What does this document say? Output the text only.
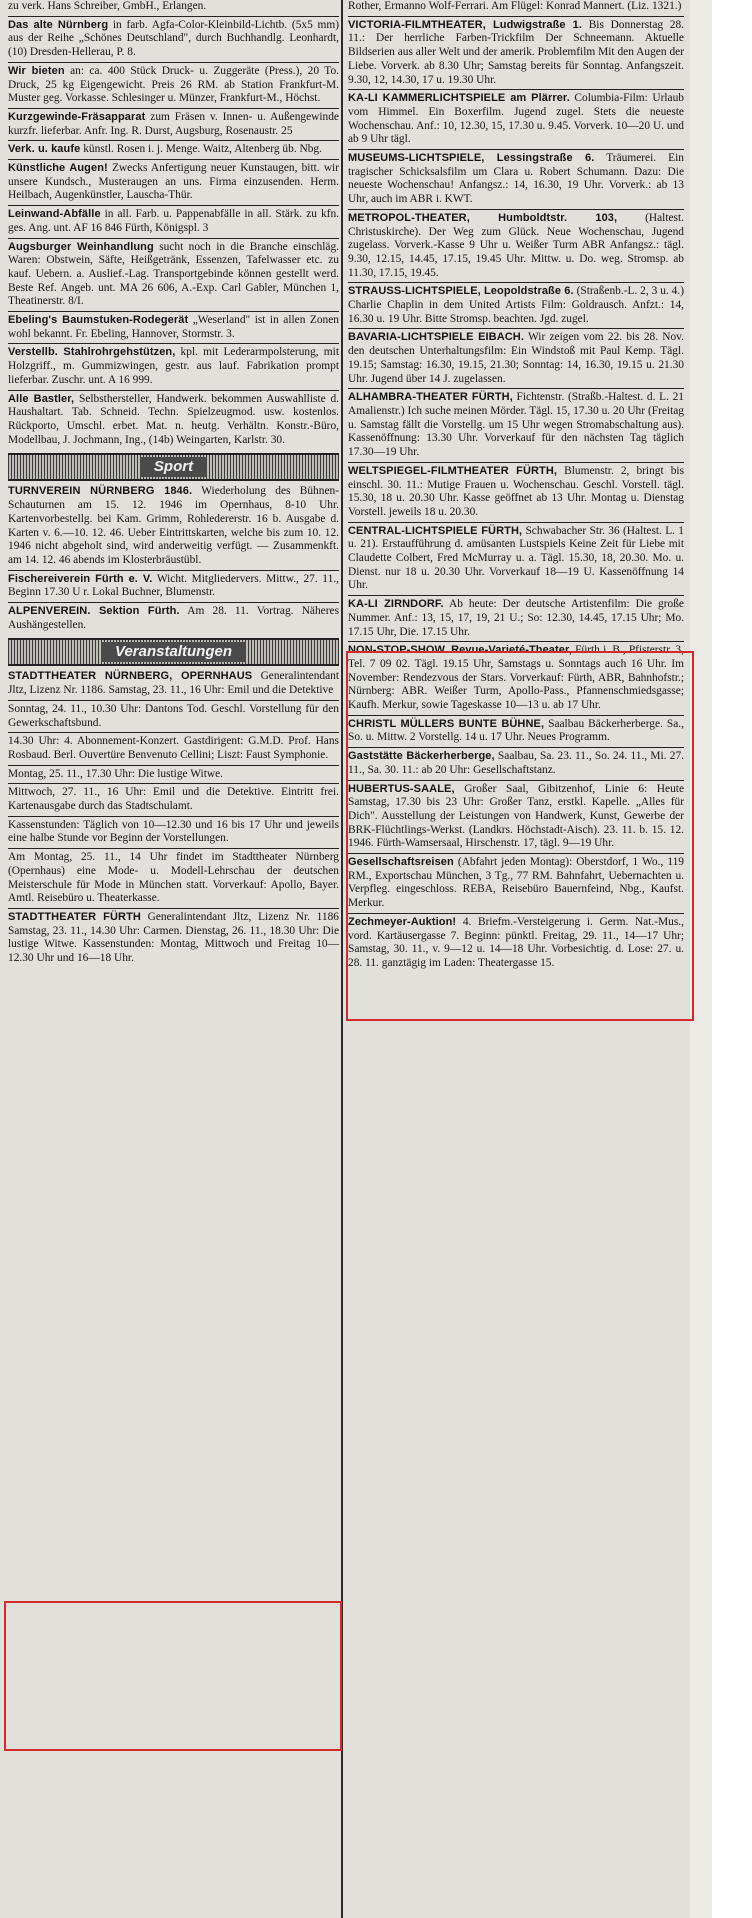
zu verk. Hans Schreiber, GmbH., Erlangen.
Das alte Nürnberg in farb. Agfa-Color-Kleinbild-Lichtb. (5x5 mm) aus der Reihe „Schönes Deutschland", durch Buchhandlg. Leonhardt, (10) Dresden-Hellerau, P. 8.
Wir bieten an: ca. 400 Stück Druck- u. Zuggeräte (Press.), 20 To. Druck, 25 kg Eigengewicht. Preis 26 RM. ab Station Frankfurt-M. Muster geg. Vorkasse. Schlesinger u. Münzer, Frankfurt-M., Höchst.
Kurzgewinde-Fräsapparat zum Fräsen v. Innen- u. Außengewinde kurzfr. lieferbar. Anfr. Ing. R. Durst, Augsburg, Rosenaustr. 25
Verk. u. kaufe künstl. Rosen i. j. Menge. Waitz, Altenberg üb. Nbg.
Künstliche Augen! Zwecks Anfertigung neuer Kunstaugen, bitt. wir unsere Kundsch., Musteraugen an uns. Firma einzusenden. Herm. Heilbach, Augenkünstler, Lauscha-Thür.
Leinwand-Abfälle in all. Farb. u. Pappenabfälle in all. Stärk. zu kfn. ges. Ang. unt. AF 16 846 Fürth, Königspl. 3
Augsburger Weinhandlung sucht noch in die Branche einschläg. Waren: Obstwein, Säfte, Heißgetränk, Essenzen, Tafelwasser etc. zu kauf. Uebern. a. Auslief.-Lag. Transportgebinde können gestellt werd. Beste Ref. Angeb. unt. MA 26 606, A.-Exp. Carl Gabler, München 1, Theatinerstr. 8/I.
Ebeling's Baumstuken-Rodegerät „Weserland" ist in allen Zonen wohl bekannt. Fr. Ebeling, Hannover, Stormstr. 3.
Verstellb. Stahlrohrgehstützen, kpl. mit Lederarmpolsterung, mit Holzgriff., m. Gummizwingen, gestr. aus lauf. Fabrikation prompt lieferbar. Zuschr. unt. A 16 999.
Alle Bastler, Selbsthersteller, Handwerk. bekommen Auswahlliste d. Haushaltart. Tab. Schneid. Techn. Spielzeugmod. usw. kostenlos. Rückporto, Umschl. erbet. Mat. n. heutg. Verhältn. Konstr.-Büro, Modellbau, J. Jochmann, Ing., (14b) Weingarten, Karlstr. 30.
Sport
TURNVEREIN NÜRNBERG 1846. Wiederholung des Bühnen-Schauturnen am 15. 12. 1946 im Opernhaus, 8-10 Uhr. Kartenvorbestellg. bei Kam. Grimm, Rohledererstr. 16 b. Ausgabe d. Karten v. 6.—10. 12. 46. Ueber Eintrittskarten, welche bis zum 10. 12. 1946 nicht abgeholt sind, wird anderweitig verfügt. — Zusammenkft. am 14. 12. 46 abends im Klosterbräustübl.
Fischereiverein Fürth e. V. Wicht. Mitgliedervers. Mittw., 27. 11., Beginn 17.30 U r. Lokal Buchner, Blumenstr.
ALPENVEREIN. Sektion Fürth. Am 28. 11. Vortrag. Näheres Aushängestellen.
Veranstaltungen
STADTTHEATER NÜRNBERG, OPERNHAUS Generalintendant Jltz, Lizenz Nr. 1186. Samstag, 23. 11., 16 Uhr: Emil und die Detektive
Sonntag, 24. 11., 10.30 Uhr: Dantons Tod. Geschl. Vorstellung für den Gewerkschaftsbund.
14.30 Uhr: 4. Abonnement-Konzert. Gastdirigent: G.M.D. Prof. Hans Rosbaud. Berl. Ouvertüre Benvenuto Cellini; Liszt: Faust Symphonie.
Montag, 25. 11., 17.30 Uhr: Die lustige Witwe.
Mittwoch, 27. 11., 16 Uhr: Emil und die Detektive. Eintritt frei. Kartenausgabe durch das Stadtschulamt.
Kassenstunden: Täglich von 10—12.30 und 16 bis 17 Uhr und jeweils eine halbe Stunde vor Beginn der Vorstellungen.
Am Montag, 25. 11., 14 Uhr findet im Stadttheater Nürnberg (Opernhaus) eine Mode- u. Modell-Lehrschau der deutschen Meisterschule für Mode in München statt. Vorverkauf: Apollo, Bayer. Amtl. Reisebüro u. Theaterkasse.
STADTTHEATER FÜRTH Generalintendant Jltz, Lizenz Nr. 1186 Samstag, 23. 11., 14.30 Uhr: Carmen. Dienstag, 26. 11., 18.30 Uhr: Die lustige Witwe. Kassenstunden: Montag, Mittwoch und Freitag 10—12.30 Uhr und 16—18 Uhr.
Rother, Ermanno Wolf-Ferrari. Am Flügel: Konrad Mannert. (Liz. 1321.)
VICTORIA-FILMTHEATER, Ludwigstraße 1. Bis Donnerstag 28. 11.: Der herrliche Farben-Trickfilm Der Schneemann. Aktuelle Bildserien aus aller Welt und der amerik. Problemfilm Mit den Augen der Liebe. Vorverk. ab 8.30 Uhr; Samstag bereits für Sonntag. Anfangszeit. 9.30, 12, 14.30, 17 u. 19.30 Uhr.
KA-LI KAMMERLICHTSPIELE am Plärrer. Columbia-Film: Urlaub vom Himmel. Ein Boxerfilm. Jugend zugel. Stets die neueste Wochenschau. Anf.: 10, 12.30, 15, 17.30 u. 9.45. Vorverk. 10—20 U. und ab 9 Uhr tägl.
MUSEUMS-LICHTSPIELE, Lessingstraße 6. Träumerei. Ein tragischer Schicksalsfilm um Clara u. Robert Schumann. Dazu: Die neueste Wochenschau! Anfangsz.: 14, 16.30, 19 Uhr. Vorverk.: ab 13 Uhr, auch im ABR i. KWT.
METROPOL-THEATER, Humboldtstr. 103, (Haltest. Christuskirche). Der Weg zum Glück. Neue Wochenschau, Jugend zugelass. Vorverk.-Kasse 9 Uhr u. Weißer Turm ABR Anfangsz.: tägl. 9.30, 12.15, 14.45, 17.15, 19.45 Uhr. Mittw. u. Do. weg. Stromsp. ab 11.30, 17.15, 19.45.
STRAUSS-LICHTSPIELE, Leopoldstraße 6. (Straßenb.-L. 2, 3 u. 4.) Charlie Chaplin in dem United Artists Film: Goldrausch. Anfzt.: 14, 16.30 u. 19 Uhr. Bitte Stromsp. beachten. Jgd. zugel.
BAVARIA-LICHTSPIELE EIBACH. Wir zeigen vom 22. bis 28. Nov. den deutschen Unterhaltungsfilm: Ein Windstoß mit Paul Kemp. Tägl. 19.15; Samstag: 16.30, 19.15, 21.30; Sonntag: 14, 16.30, 19.15 u. 21.30 Uhr. Jugend über 14 J. zugelassen.
ALHAMBRA-THEATER FÜRTH, Fichtenstr. (Straßb.-Haltest. d. L. 21 Amalienstr.) Ich suche meinen Mörder. Tägl. 15, 17.30 u. 20 Uhr (Freitag u. Samstag fällt die Vorstellg. um 15 Uhr wegen Stromabschaltung aus). Kassenöffnung: 13.30 Uhr. Vorverkauf für den nächsten Tag täglich 17.30—19 Uhr.
WELTSPIEGEL-FILMTHEATER FÜRTH, Blumenstr. 2, bringt bis einschl. 30. 11.: Mutige Frauen u. Wochenschau. Geschl. Vorstell. tägl. 15.30, 18 u. 20.30 Uhr. Kasse geöffnet ab 13 Uhr. Montag u. Dienstag Vorstell. jeweils 18 u. 20.30.
CENTRAL-LICHTSPIELE FÜRTH, Schwabacher Str. 36 (Haltest. L. 1 u. 21). Erstaufführung d. amüsanten Lustspiels Keine Zeit für Liebe mit Claudette Colbert, Fred McMurray u. a. Tägl. 15.30, 18, 20.30. Mo. u. Dienst. nur 18 u. 20.30 Uhr. Vorverkauf 18—19 U. Kassenöffnung 14 Uhr.
KA-LI ZIRNDORF. Ab heute: Der deutsche Artistenfilm: Die große Nummer. Anf.: 13, 15, 17, 19, 21 U.; So: 12.30, 14.45, 17.15 Uhr; Mo. 17.15 Uhr, Die. 17.15 Uhr.
NON-STOP-SHOW. Revue-Varieté-Theater, Fürth i. B., Pfisterstr. 3, Tel. 7 09 02. Tägl. 19.15 Uhr, Samstags u. Sonntags auch 16 Uhr. Im November: Rendezvous der Stars. Vorverkauf: Fürth, ABR, Bahnhofstr.; Nürnberg: ABR. Weißer Turm, Apollo-Pass., Pfannenschmiedsgasse; Kaufh. Merkur, sowie Tageskasse 10—13 u. ab 17 Uhr.
CHRISTL MÜLLERS BUNTE BÜHNE, Saalbau Bäckerherberge. Sa., So. u. Mittw. 2 Vorstellg. 14 u. 17 Uhr. Neues Programm.
Gaststätte Bäckerherberge, Saalbau, Sa. 23. 11., So. 24. 11., Mi. 27. 11., Sa. 30. 11.: ab 20 Uhr: Gesellschaftstanz.
HUBERTUS-SAALE, Großer Saal, Gibitzenhof, Linie 6: Heute Samstag, 17.30 bis 23 Uhr: Großer Tanz, erstkl. Kapelle. „Alles für Dich". Ausstellung der Leistungen von Handwerk, Kunst, Gewerbe der BRK-Flüchtlings-Werkst. (Landkrs. Höchstadt-Aisch). 23. 11. b. 15. 12. 1946. Fürth-Wamsersaal, Hirschenstr. 17, tägl. 9—19 Uhr.
Gesellschaftsreisen (Abfahrt jeden Montag): Oberstdorf, 1 Wo., 119 RM., Exportschau München, 3 Tg., 77 RM. Bahnfahrt, Uebernachten u. Verpfleg. eingeschloss. REBA, Reisebüro Bauernfeind, Nbg., Kaufst. Merkur.
Zechmeyer-Auktion! 4. Briefm.-Versteigerung i. Germ. Nat.-Mus., vord. Kartäusergasse 7. Beginn: pünktl. Freitag, 29. 11., 14—17 Uhr; Samstag, 30. 11., v. 9—12 u. 14—18 Uhr. Vorbesichtig. d. Lose: 27. u. 28. 11. ganztägig im Laden: Theatergasse 15.
